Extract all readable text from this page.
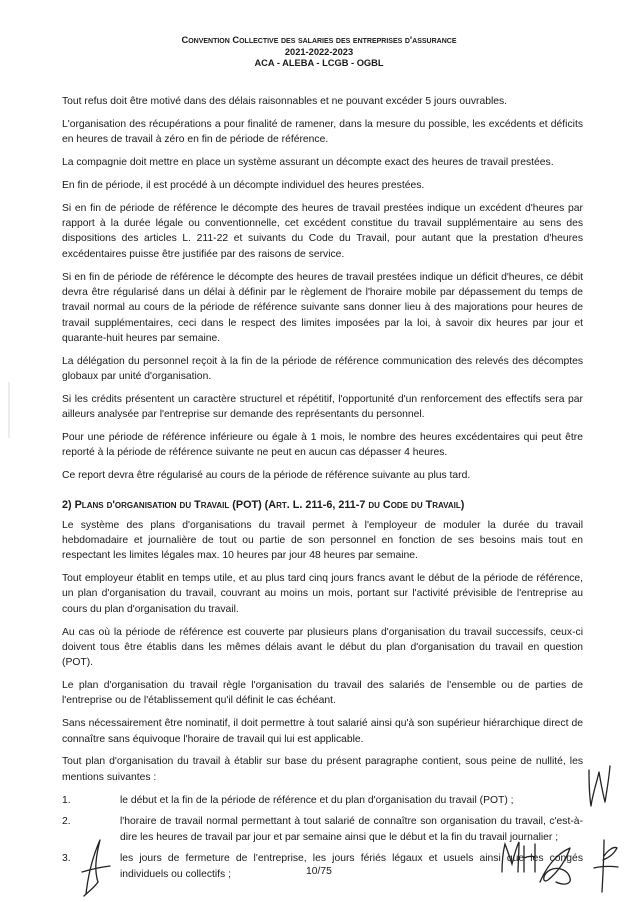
Convention Collective des salaries des entreprises d'assurance
2021-2022-2023
ACA - ALEBA - LCGB - OGBL

Tout refus doit être motivé dans des délais raisonnables et ne pouvant excéder 5 jours ouvrables.

L'organisation des récupérations a pour finalité de ramener, dans la mesure du possible, les excédents et déficits en heures de travail à zéro en fin de période de référence.

La compagnie doit mettre en place un système assurant un décompte exact des heures de travail prestées.

En fin de période, il est procédé à un décompte individuel des heures prestées.

Si en fin de période de référence le décompte des heures de travail prestées indique un excédent d'heures par rapport à la durée légale ou conventionnelle, cet excédent constitue du travail supplémentaire au sens des dispositions des articles L. 211-22 et suivants du Code du Travail, pour autant que la prestation d'heures excédentaires puisse être justifiée par des raisons de service.

Si en fin de période de référence le décompte des heures de travail prestées indique un déficit d'heures, ce débit devra être régularisé dans un délai à définir par le règlement de l'horaire mobile par dépassement du temps de travail normal au cours de la période de référence suivante sans donner lieu à des majorations pour heures de travail supplémentaires, ceci dans le respect des limites imposées par la loi, à savoir dix heures par jour et quarante-huit heures par semaine.

La délégation du personnel reçoit à la fin de la période de référence communication des relevés des décomptes globaux par unité d'organisation.

Si les crédits présentent un caractère structurel et répétitif, l'opportunité d'un renforcement des effectifs sera par ailleurs analysée par l'entreprise sur demande des représentants du personnel.

Pour une période de référence inférieure ou égale à 1 mois, le nombre des heures excédentaires qui peut être reporté à la période de référence suivante ne peut en aucun cas dépasser 4 heures.

Ce report devra être régularisé au cours de la période de référence suivante au plus tard.

2) Plans d'organisation du Travail (POT) (Art. L. 211-6, 211-7 du Code du Travail)

Le système des plans d'organisations du travail permet à l'employeur de moduler la durée du travail hebdomadaire et journalière de tout ou partie de son personnel en fonction de ses besoins mais tout en respectant les limites légales max. 10 heures par jour 48 heures par semaine.

Tout employeur établit en temps utile, et au plus tard cinq jours francs avant le début de la période de référence, un plan d'organisation du travail, couvrant au moins un mois, portant sur l'activité prévisible de l'entreprise au cours du plan d'organisation du travail.

Au cas où la période de référence est couverte par plusieurs plans d'organisation du travail successifs, ceux-ci doivent tous être établis dans les mêmes délais avant le début du plan d'organisation du travail en question (POT).

Le plan d'organisation du travail règle l'organisation du travail des salariés de l'ensemble ou de parties de l'entreprise ou de l'établissement qu'il définit le cas échéant.

Sans nécessairement être nominatif, il doit permettre à tout salarié ainsi qu'à son supérieur hiérarchique direct de connaître sans équivoque l'horaire de travail qui lui est applicable.

Tout plan d'organisation du travail à établir sur base du présent paragraphe contient, sous peine de nullité, les mentions suivantes :

1.	le début et la fin de la période de référence et du plan d'organisation du travail (POT) ;
2.	l'horaire de travail normal permettant à tout salarié de connaître son organisation du travail, c'est-à-dire les heures de travail par jour et par semaine ainsi que le début et la fin du travail journalier ;
3.	les jours de fermeture de l'entreprise, les jours fériés légaux et usuels ainsi que les congés individuels ou collectifs ;	10/75
